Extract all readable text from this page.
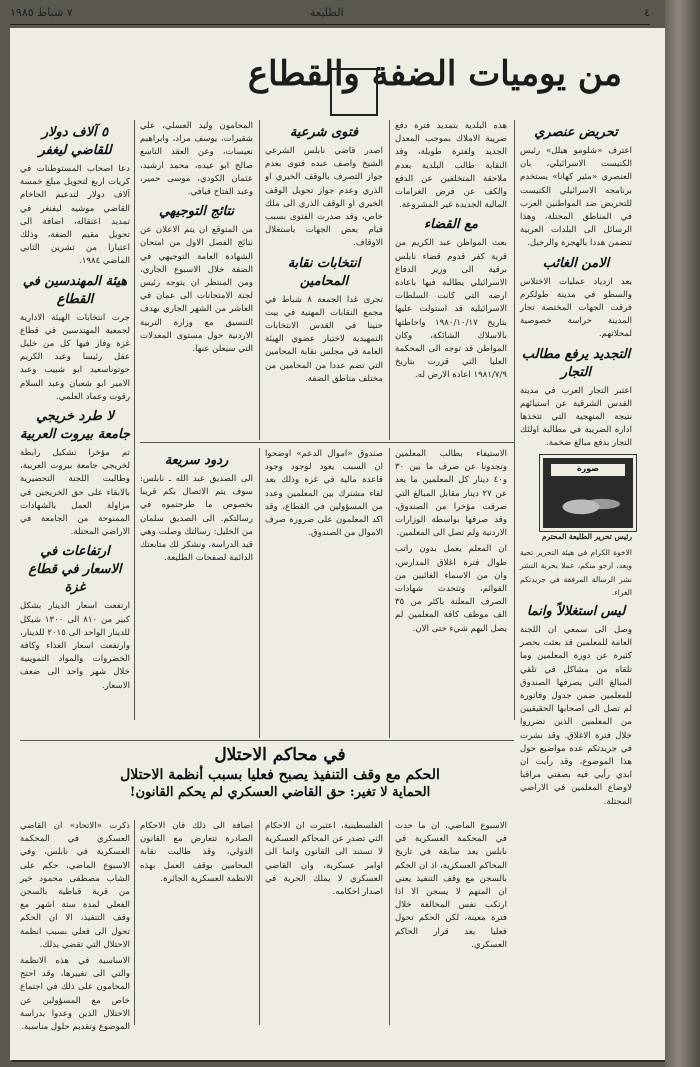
٤
الطليعة
٧ شباط ١٩٨٥
من يوميات الضفة والقطاع
تحريض عنصري

اعترف «شلومو هيلل» رئيس الكنيست الاسرائيلي، بان العنصري «مئير كهانا» يستخدم برنامجه الاسرائيلي الكنيست للتحريض ضد المواطنين العرب في المناطق المحتلة، وهذا الرسائل الى البلدات العربية تتضمن هددا بالهجرة والرحيل.

الامن الغائب

بعد ازدياد عمليات الاختلاس والسطو في مدينة طولكرم فرقت الجهات المختصة تجار المدينة حراسة خصوصية لمحلاتهم.

التجديد يرفع مطالب التجار

اعتبر التجار العرب في مدينة القدس الشرقية عن استيائهم نتيجة المنهجية التي تتخذها ادارة الضريبة في مطالبة اولئك التجار بدفع مبالغ ضخمة.

هذه البلدية بتمديد فترة دفع ضريبة الاملاك بموجب المعدل الجديد ولفترة طويلة، وفد النقابة طالب البلدية بعدم ملاحقة المتخلفين عن الدفع والكف عن فرض الغرامات المالية الجديدة غير المشروعة.

مع القضاء

بعث المواطن عبد الكريم من قرية كفر قدوم قضاء نابلس برقية الى وزير الدفاع الاسرائيلي يطالبه فيها باعادة ارضه التي كانت السلطات الاسرائيلية قد استولت عليها بتاريخ ١٩٨٠/١٠/١٧ واحاطتها بالاسلاك الشائكة، وكان المواطن قد توجه الى المحكمة العليا التي قررت بتاريخ ١٩٨١/٧/٩ اعادة الارض له.

فتوى شرعية

اصدر قاضي نابلس الشرعي الشيخ واصف عبده فتوى بعدم جواز التصرف بالوقف الخيري او الذري وعدم جواز تحويل الوقف الخيري او الوقف الذري الى ملك خاص، وقد صدرت الفتوى بسبب قيام بعض الجهات باستغلال الاوقاف.

انتخابات نقابة المحامين

تجرى غدا الجمعة ٨ شباط في مجمع النقابات المهنية في بيت حنينا في القدس الانتخابات التمهيدية لاختيار عضوي الهيئة العامة في مجلس نقابة المحامين التي تضم عددا من المحامين من مختلف مناطق الضفة.

المحامون وليد العسلي، علي شقيرات، يوسف مراد، وابراهيم نعيسات، وعن العقد التاسع صالح ابو عيده، محمد ارشيد، عثمان الكودي، موسى حمير، وعبد الفتاح فيافي.

نتائج التوجيهي

من المتوقع ان يتم الاعلان عن نتائج الفصل الاول من امتحان الشهادة العامة التوجيهي في الضفة خلال الاسبوع الجاري، ومن المنتظر ان يتوجه رئيس لجنة الامتحانات الى عمان في العاشر من الشهر الجاري بهدف التنسيق مع وزارة التربية الاردنية حول مستوى المعدلات التي سيعلن عنها.

٥ آلاف دولار للقاضي ليغفر

دعا اصحاب المستوطنات في كريات اربع لتحويل مبلغ خمسة آلاف دولار لتدعيم الحاخام القاضي موشيه ليفنغر في تمديد اعتقاله، اضافة الى تحويل مقيم الضفة، وذلك اعتبارا من تشرين الثاني الماضي ١٩٨٤.

هيئة المهندسين في القطاع

جرت انتخابات الهيئة الادارية لجمعية المهندسين في قطاع غزة وفاز فيها كل من خليل عقل رئيسا وعبد الكريم حوتوناسعيد ابو شبيب وعبد الامير ابو شعبان وعبد السلام رقوت وعماد العلمي.

لا طرد خريجي جامعة بيروت العربية

تم مؤخرا تشكيل رابطة لخريجي جامعة بيروت العربية، وطالبت اللجنة التحضيرية بالابقاء على حق الخريجين في مزاولة العمل بالشهادات الممنوحة من الجامعة في الاراضي المحتلة.

ارتفاعات في الاسعار في قطاع غزة

ارتفعت اسعار الدينار بشكل كبير من ٨١٠ الى ١٣٠٠ شيكل للدينار الواحد الى ٢٠١٥ للدينار، وارتفعت اسعار الغذاء وكافة الخضروات والمواد التموينية خلال شهر واحد الى ضعف الاسعار.

الاستيفاء بطالب المعلمين وتجدونا عن صرف ما بين ٣٠ و٤٠ دينار كل المعلمين ما يعد عن ٢٧ دينار مقابل المبالغ التي صرفت مؤخرا من الصندوق، وقد صرفها بواسطة الوزارات الاردنية ولم تصل الى المعلمين.

ان المعلم يعمل بدون راتب طوال فترة اغلاق المدارس، وان من الاسماء الغائبين من القوائم، وتتحدث شهادات الصرف المعلنة باكثر من ٣٥ الف موظف كافة المعلمين لم يصل اليهم شيء حتى الان.

صندوق «اموال الدعم» اوضحوا ان السبب يعود لوجود وجود قاعدة مالية في غزة وذلك بعد لقاء مشترك بين المعلمين وعدد من المسؤولين في القطاع، وقد اكد المعلمون على ضرورة صرف الاموال من الصندوق.

ردود سريعة

الى الصديق عبد الله ـ نابلس: سوف يتم الاتصال بكم قريبا بخصوص ما طرحتموه في رسالتكم. الى الصديق سلمان من الخليل: رسالتك وصلت وهي قيد الدراسة، ونشكر لك متابعتك الدائمة لصفحات الطليعة.

صورة

رئيس تحرير الطليعة المحترم

الاخوة الكرام في هيئة التحرير تحية وبعد، ارجو منكم، عملا بحرية النشر نشر الرسالة المرفقة في جريدتكم الغراء.

ليس استغلالاً وانما

وصل الى سمعي ان اللجنة العامة للمعلمين قد بعثت بحصر كثيرة عن دورة المعلمين وما تلقاه من مشاكل في تلقي المبالغ التي يصرفها الصندوق للمعلمين ضمن جدول وفاتورة لم تصل الى اصحابها الحقيقيين من المعلمين الذين تضرروا خلال فترة الاغلاق. وقد نشرت في جريدتكم عدة مواضيع حول هذا الموضوع، وقد رأيت ان ابدي رأيي فيه بصفتي مراقبا لاوضاع المعلمين في الاراضي المحتلة.

في محاكم الاحتلال
الحكم مع وقف التنفيذ يصبح فعليا بسبب أنظمة الاحتلال
الحماية لا تغير: حق القاضي العسكري لم يحكم القانون!

الاسبوع الماضي، ان ما حدث في المحكمة العسكرية في نابلس يعد سابقة في تاريخ المحاكم العسكرية، اذ ان الحكم بالسجن مع وقف التنفيذ يعني ان المتهم لا يسجن الا اذا ارتكب نفس المخالفة خلال فترة معينة، لكن الحكم تحول فعليا بعد قرار الحاكم العسكري.

الفلسطينية، اعتبرت ان الاحكام التي تصدر عن المحاكم العسكرية لا تستند الى القانون وانما الى اوامر عسكرية، وان القاضي العسكري لا يملك الحرية في اصدار احكامه.

اضافة الى ذلك فان الاحكام الصادرة تتعارض مع القانون الدولي، وقد طالبت نقابة المحامين بوقف العمل بهذه الانظمة العسكرية الجائرة.

ذكرت «الاتحاد» ان القاضي العسكري في المحكمة العسكرية في نابلس، وفي الاسبوع الماضي، حكم على الشاب مصطفى محمود خير من قرية قباطية بالسجن الفعلي لمدة ستة اشهر مع وقف التنفيذ، الا ان الحكم تحول الى فعلي بسبب انظمة الاحتلال التي تقضي بذلك.

الاساسية في هذه الانظمة والتي الى تغييرها، وقد احتج المحامون على ذلك في اجتماع خاص مع المسؤولين عن الاحتلال الذين وعدوا بدراسة الموضوع وتقديم حلول مناسبة.
